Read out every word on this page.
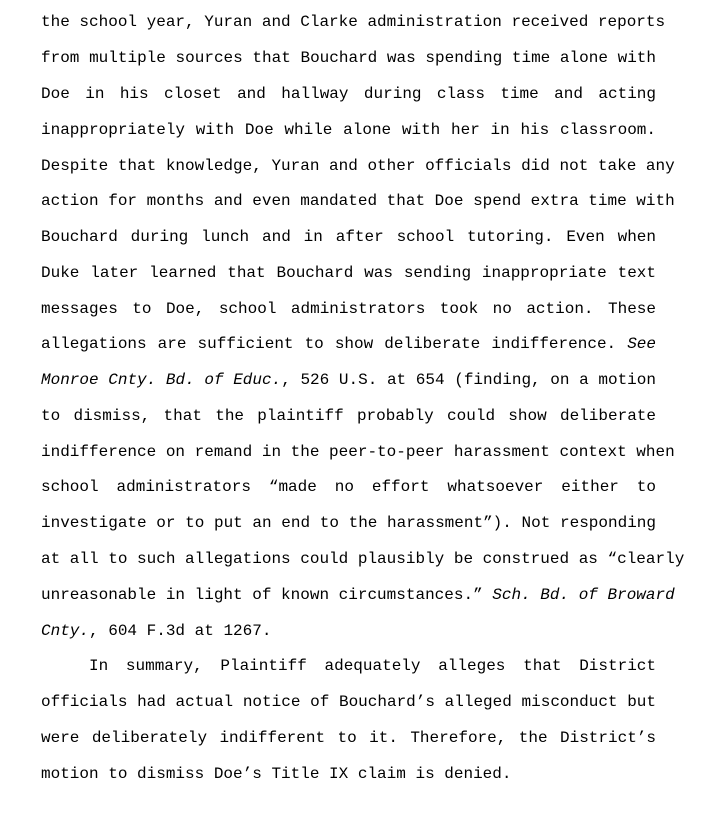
the school year, Yuran and Clarke administration received reports
from multiple sources that Bouchard was spending time alone with
Doe in his closet and hallway during class time and acting
inappropriately with Doe while alone with her in his classroom.
Despite that knowledge, Yuran and other officials did not take any
action for months and even mandated that Doe spend extra time with
Bouchard during lunch and in after school tutoring. Even when
Duke later learned that Bouchard was sending inappropriate text
messages to Doe, school administrators took no action. These
allegations are sufficient to show deliberate indifference. See
Monroe Cnty. Bd. of Educ., 526 U.S. at 654 (finding, on a motion
to dismiss, that the plaintiff probably could show deliberate
indifference on remand in the peer-to-peer harassment context when
school administrators “made no effort whatsoever either to
investigate or to put an end to the harassment”). Not responding
at all to such allegations could plausibly be construed as “clearly
unreasonable in light of known circumstances.” Sch. Bd. of Broward
Cnty., 604 F.3d at 1267.
In summary, Plaintiff adequately alleges that District
officials had actual notice of Bouchard’s alleged misconduct but
were deliberately indifferent to it. Therefore, the District’s
motion to dismiss Doe’s Title IX claim is denied.
